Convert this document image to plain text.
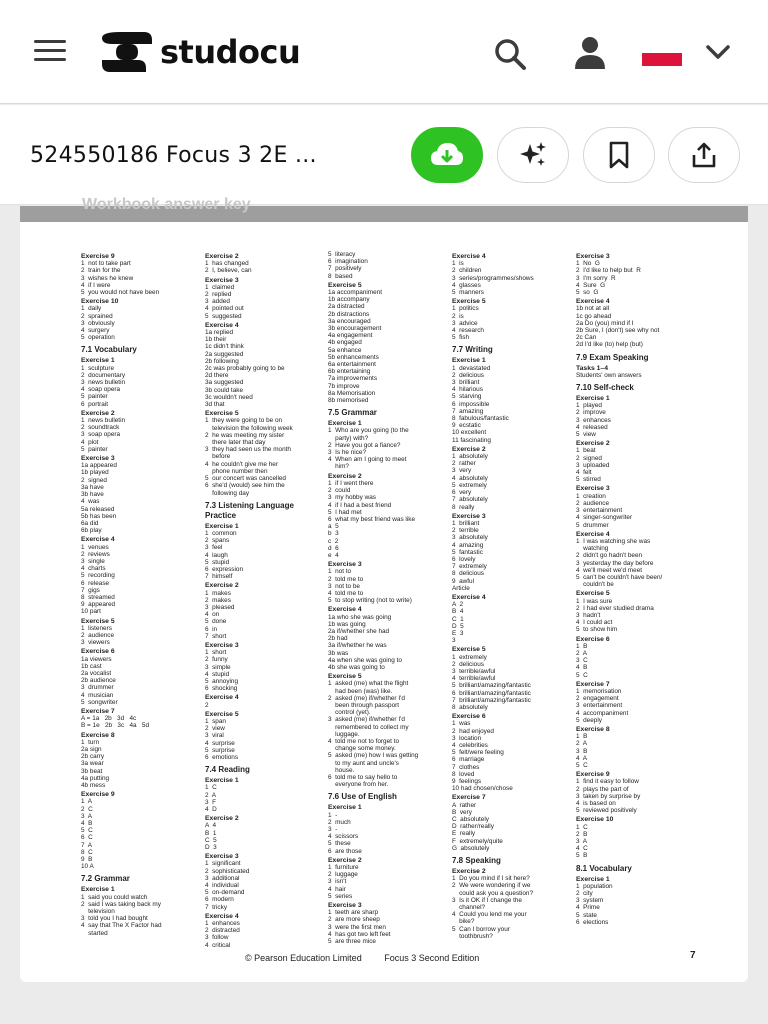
studocu
524550186 Focus 3 2E ...
Workbook answer key
Exercise 9
1  not to take part
2  train for the
3  wishes he knew
4  if I were
5  you would not have been
Exercise 10
1  daily
2  sprained
3  obviously
4  surgery
5  operation
7.1 Vocabulary
Exercise 1
1  sculpture
2  documentary
3  news bulletin
4  soap opera
5  painter
6  portrait
Exercise 2
1  news bulletin
2  soundtrack
3  soap opera
4  plot
5  painter
Exercise 3
1a appeared
1b played
2  signed
3a have
3b have
4  was
5a released
5b has been
6a did
6b play
Exercise 4
1  venues
2  reviews
3  single
4  charts
5  recording
6  release
7  gigs
8  streamed
9  appeared
10 part
Exercise 5
1  listeners
2  audience
3  viewers
Exercise 6
1a viewers
1b cast
2a vocalist
2b audience
3  drummer
4  musician
5  songwriter
Exercise 7
A = 1a   2b   3d   4c
B = 1e   2b   3c   4a   5d
Exercise 8
1  turn
2a sign
2b carry
3a wear
3b beat
4a putting
4b mess
Exercise 9
1  A
2  C
3  A
4  B
5  C
6  C
7  A
8  C
9  B
10 A
7.2 Grammar
Exercise 1
1  said you could watch
2  said I was taking back my
television
3  told you I had bought
4  say that The X Factor had
started
Exercise 2
1  has changed
2  I, believe, can
Exercise 3
1  claimed
2  replied
3  added
4  pointed out
5  suggested
Exercise 4
1a replied
1b their
1c didn't think
2a suggested
2b following
2c was probably going to be
2d there
3a suggested
3b could take
3c wouldn't need
3d that
Exercise 5
1  they were going to be on
television the following week
2  he was meeting my sister
there later that day
3  they had seen us the month
before
4  he couldn't give me her
phone number then
5  our concert was cancelled
6  she'd (would) see him the
following day
7.3 Listening Language Practice
Exercise 1
1  common
2  spans
3  feel
4  laugh
5  stupid
6  expression
7  himself
Exercise 2
1  makes
2  makes
3  pleased
4  on
5  done
6  in
7  short
Exercise 3
1  short
2  funny
3  simple
4  stupid
5  annoying
6  shocking
Exercise 4
2
Exercise 5
1  span
2  view
3  viral
4  surprise
5  surprise
6  emotions
7.4 Reading
Exercise 1
1  C
2  A
3  F
4  D
Exercise 2
A  4
B  1
C  5
D  3
Exercise 3
1  significant
2  sophisticated
3  additional
4  individual
5  on-demand
6  modern
7  tricky
Exercise 4
1  enhances
2  distracted
3  follow
4  critical
5  literacy
6  imagination
7  positively
8  based
Exercise 5
1a accompaniment
1b accompany
2a distracted
2b distractions
3a encouraged
3b encouragement
4a engagement
4b engaged
5a enhance
5b enhancements
6a entertainment
6b entertaining
7a improvements
7b improve
8a Memorisation
8b memorised
7.5 Grammar
Exercise 1
1  Who are you going (to the
party) with?
2  Have you got a fiance?
3  Is he nice?
4  When am I going to meet
him?
Exercise 2
1  if I went there
2  could
3  my hobby was
4  if I had a best friend
5  I had met
6  what my best friend was like
a  5
b  3
c  2
d  6
e  4
Exercise 3
1  not to
2  told me to
3  not to be
4  told me to
5  to stop writing (not to write)
Exercise 4
1a who she was going
1b was going
2a if/whether she had
2b had
3a if/whether he was
3b was
4a when she was going to
4b she was going to
Exercise 5
1  asked (me) what the flight
had been (was) like.
2  asked (me) if/whether I'd
been through passport
control (yet).
3  asked (me) if/whether I'd
remembered to collect my
luggage.
4  told me not to forget to
change some money.
5  asked (me) how I was getting
to my aunt and uncle's
house.
6  told me to say hello to
everyone from her.
7.6 Use of English
Exercise 1
1  -
2  much
3  -
4  scissors
5  these
6  are those
Exercise 2
1  furniture
2  luggage
3  isn't
4  hair
5  series
Exercise 3
1  teeth are sharp
2  are more sheep
3  were the first men
4  has got two left feet
5  are three mice
Exercise 4
1  is
2  children
3  series/programmes/shows
4  glasses
5  manners
Exercise 5
1  politics
2  is
3  advice
4  research
5  fish
7.7 Writing
Exercise 1
1  devastated
2  delicious
3  brilliant
4  hilarious
5  starving
6  impossible
7  amazing
8  fabulous/fantastic
9  ecstatic
10 excellent
11 fascinating
Exercise 2
1  absolutely
2  rather
3  very
4  absolutely
5  extremely
6  very
7  absolutely
8  really
Exercise 3
1  brilliant
2  terrible
3  absolutely
4  amazing
5  fantastic
6  lovely
7  extremely
8  delicious
9  awful
Article
Exercise 4
A  2
B  4
C  1
D  5
E  3
3
Exercise 5
1  extremely
2  delicious
3  terrible/awful
4  terrible/awful
5  brilliant/amazing/fantastic
6  brilliant/amazing/fantastic
7  brilliant/amazing/fantastic
8  absolutely
Exercise 6
1  was
2  had enjoyed
3  location
4  celebrities
5  felt/were feeling
6  marriage
7  clothes
8  loved
9  feelings
10 had chosen/chose
Exercise 7
A  rather
B  very
C  absolutely
D  rather/really
E  really
F  extremely/quite
G  absolutely
7.8 Speaking
Exercise 2
1  Do you mind if I sit here?
2  We were wondering if we
could ask you a question?
3  Is it OK if I change the
channel?
4  Could you lend me your
bike?
5  Can I borrow your
toothbrush?
Exercise 3
1  No  G
2  I'd like to help but  R
3  I'm sorry  R
4  Sure  G
5  so  G
Exercise 4
1b not at all
1c go ahead
2a Do (you) mind if I
2b Sure, I (don't) see why not
2c Can
2d I'd like (to) help (but)
7.9 Exam Speaking
Tasks 1–4
Students' own answers
7.10 Self-check
Exercise 1
1  played
2  improve
3  enhances
4  released
5  view
Exercise 2
1  beat
2  signed
3  uploaded
4  felt
5  stirred
Exercise 3
1  creation
2  audience
3  entertainment
4  singer-songwriter
5  drummer
Exercise 4
1  I was watching she was
watching
2  didn't go hadn't been
3  yesterday the day before
4  we'll meet we'd meet
5  can't be couldn't have been/
couldn't be
Exercise 5
1  I was sure
2  I had ever studied drama
3  hadn't
4  I could act
5  to show him
Exercise 6
1  B
2  A
3  C
4  B
5  C
Exercise 7
1  memorisation
2  engagement
3  entertainment
4  accompaniment
5  deeply
Exercise 8
1  B
2  A
3  B
4  A
5  C
Exercise 9
1  find it easy to follow
2  plays the part of
3  taken by surprise by
4  is based on
5  reviewed positively
Exercise 10
1  C
2  B
3  A
4  C
5  B
8.1 Vocabulary
Exercise 1
1  population
2  city
3  system
4  Prime
5  state
6  elections
© Pearson Education Limited	Focus 3 Second Edition	7
